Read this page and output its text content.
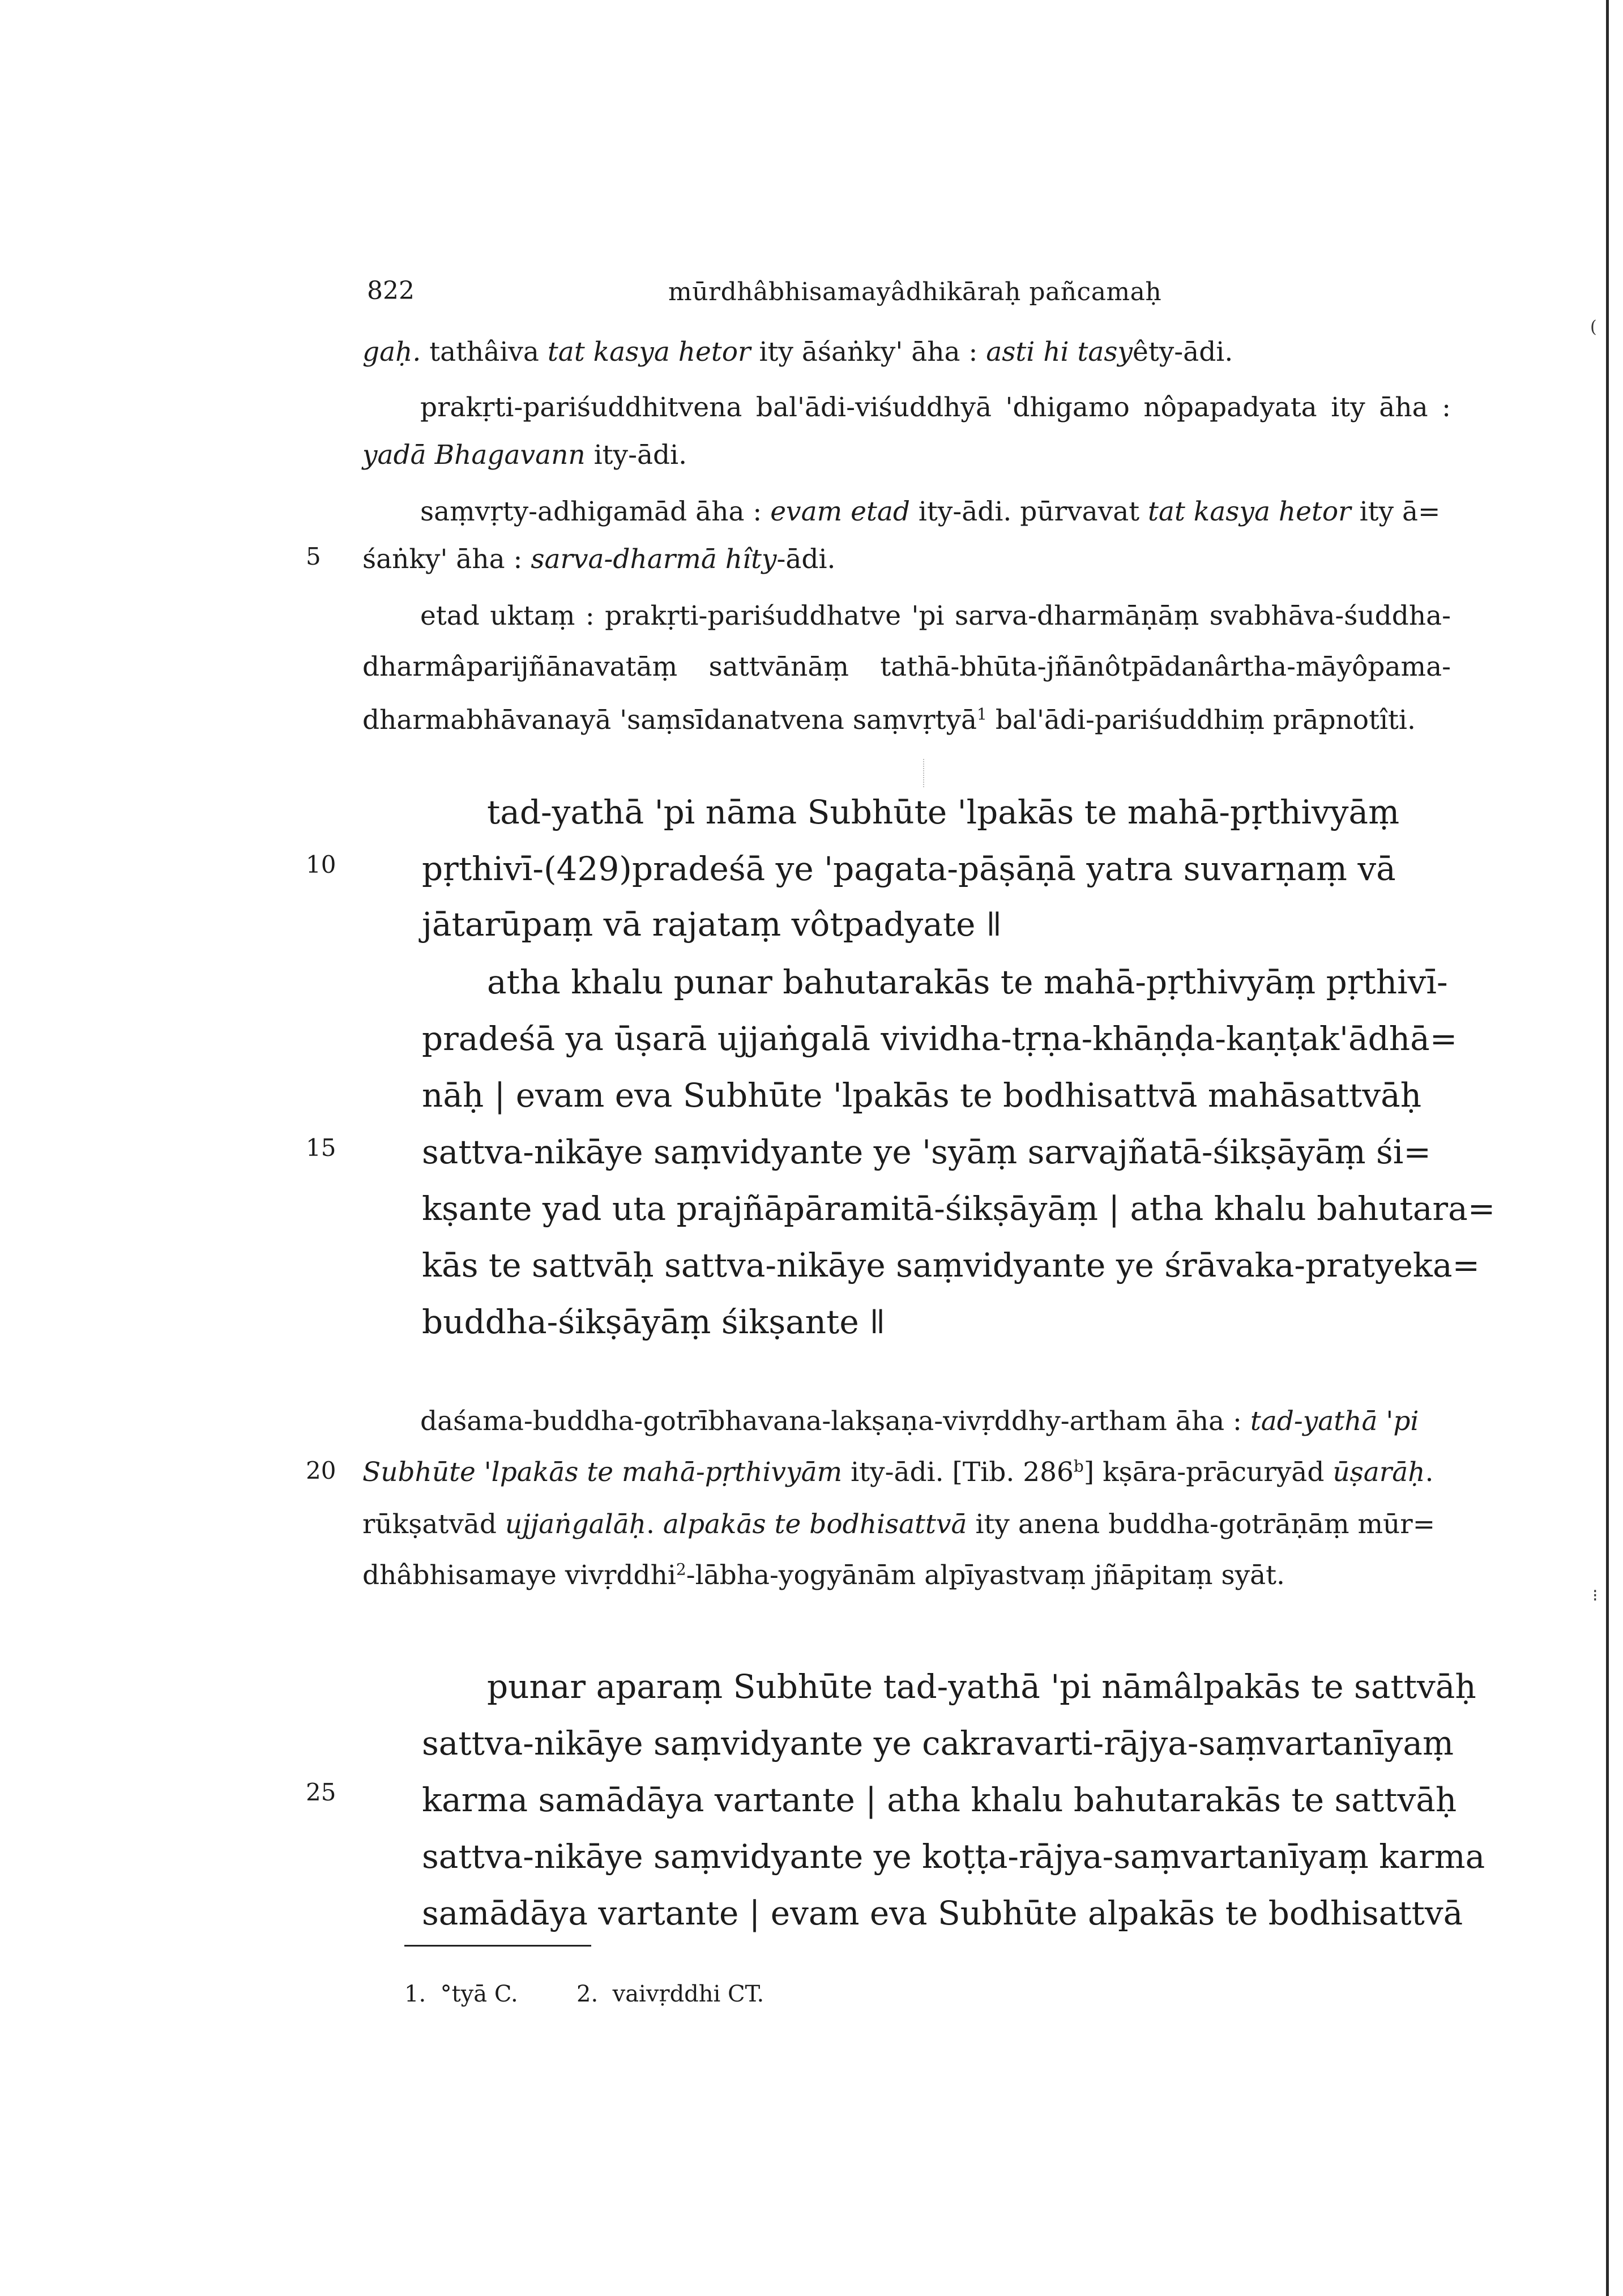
(
⁝
822	mūrdhâbhisamayâdhikāraḥ pañcamaḥ
5
10
15
20
25
gaḥ. tathâiva tat kasya hetor ity āśaṅky' āha : asti hi tasyêty-ādi.
prakṛti-pariśuddhitvena bal'ādi-viśuddhyā 'dhigamo nôpapadyata ity āha :
yadā Bhagavann ity-ādi.
saṃvṛty-adhigamād āha : evam etad ity-ādi. pūrvavat tat kasya hetor ity ā=
śaṅky' āha : sarva-dharmā hîty-ādi.
etad uktaṃ : prakṛti-pariśuddhatve 'pi sarva-dharmāṇāṃ svabhāva-śuddha-
dharmâparijñānavatāṃ sattvānāṃ tathā-bhūta-jñānôtpādanârtha-māyôpama-
dharmabhāvanayā 'saṃsīdanatvena saṃvṛtyā$^1$ bal'ādi-pariśuddhiṃ prāpnotîti.
tad-yathā 'pi nāma Subhūte 'lpakās te mahā-pṛthivyāṃ
pṛthivī-(429)pradeśā ye 'pagata-pāṣāṇā yatra suvarṇaṃ vā
jātarūpaṃ vā rajataṃ vôtpadyate ǁ
atha khalu punar bahutarakās te mahā-pṛthivyāṃ pṛthivī-
pradeśā ya ūṣarā ujjaṅgalā vividha-tṛṇa-khāṇḍa-kaṇṭak'ādhā=
nāḥ | evam eva Subhūte 'lpakās te bodhisattvā mahāsattvāḥ
sattva-nikāye saṃvidyante ye 'syāṃ sarvajñatā-śikṣāyāṃ śi=
kṣante yad uta prajñāpāramitā-śikṣāyāṃ | atha khalu bahutara=
kās te sattvāḥ sattva-nikāye saṃvidyante ye śrāvaka-pratyeka=
buddha-śikṣāyāṃ śikṣante ǁ
daśama-buddha-gotrībhavana-lakṣaṇa-vivṛddhy-artham āha : tad-yathā 'pi
Subhūte 'lpakās te mahā-pṛthivyām ity-ādi. [Tib. 286$^b$] kṣāra-prācuryād ūṣarāḥ.
rūkṣatvād ujjaṅgalāḥ. alpakās te bodhisattvā ity anena buddha-gotrāṇāṃ mūr=
dhâbhisamaye vivṛddhi$^2$-lābha-yogyānām alpīyastvaṃ jñāpitaṃ syāt.
punar aparaṃ Subhūte tad-yathā 'pi nāmâlpakās te sattvāḥ
sattva-nikāye saṃvidyante ye cakravarti-rājya-saṃvartanīyaṃ
karma samādāya vartante | atha khalu bahutarakās te sattvāḥ
sattva-nikāye saṃvidyante ye koṭṭa-rājya-saṃvartanīyaṃ karma
samādāya vartante | evam eva Subhūte alpakās te bodhisattvā
1. °tyā C.	2. vaivṛddhi CT.
